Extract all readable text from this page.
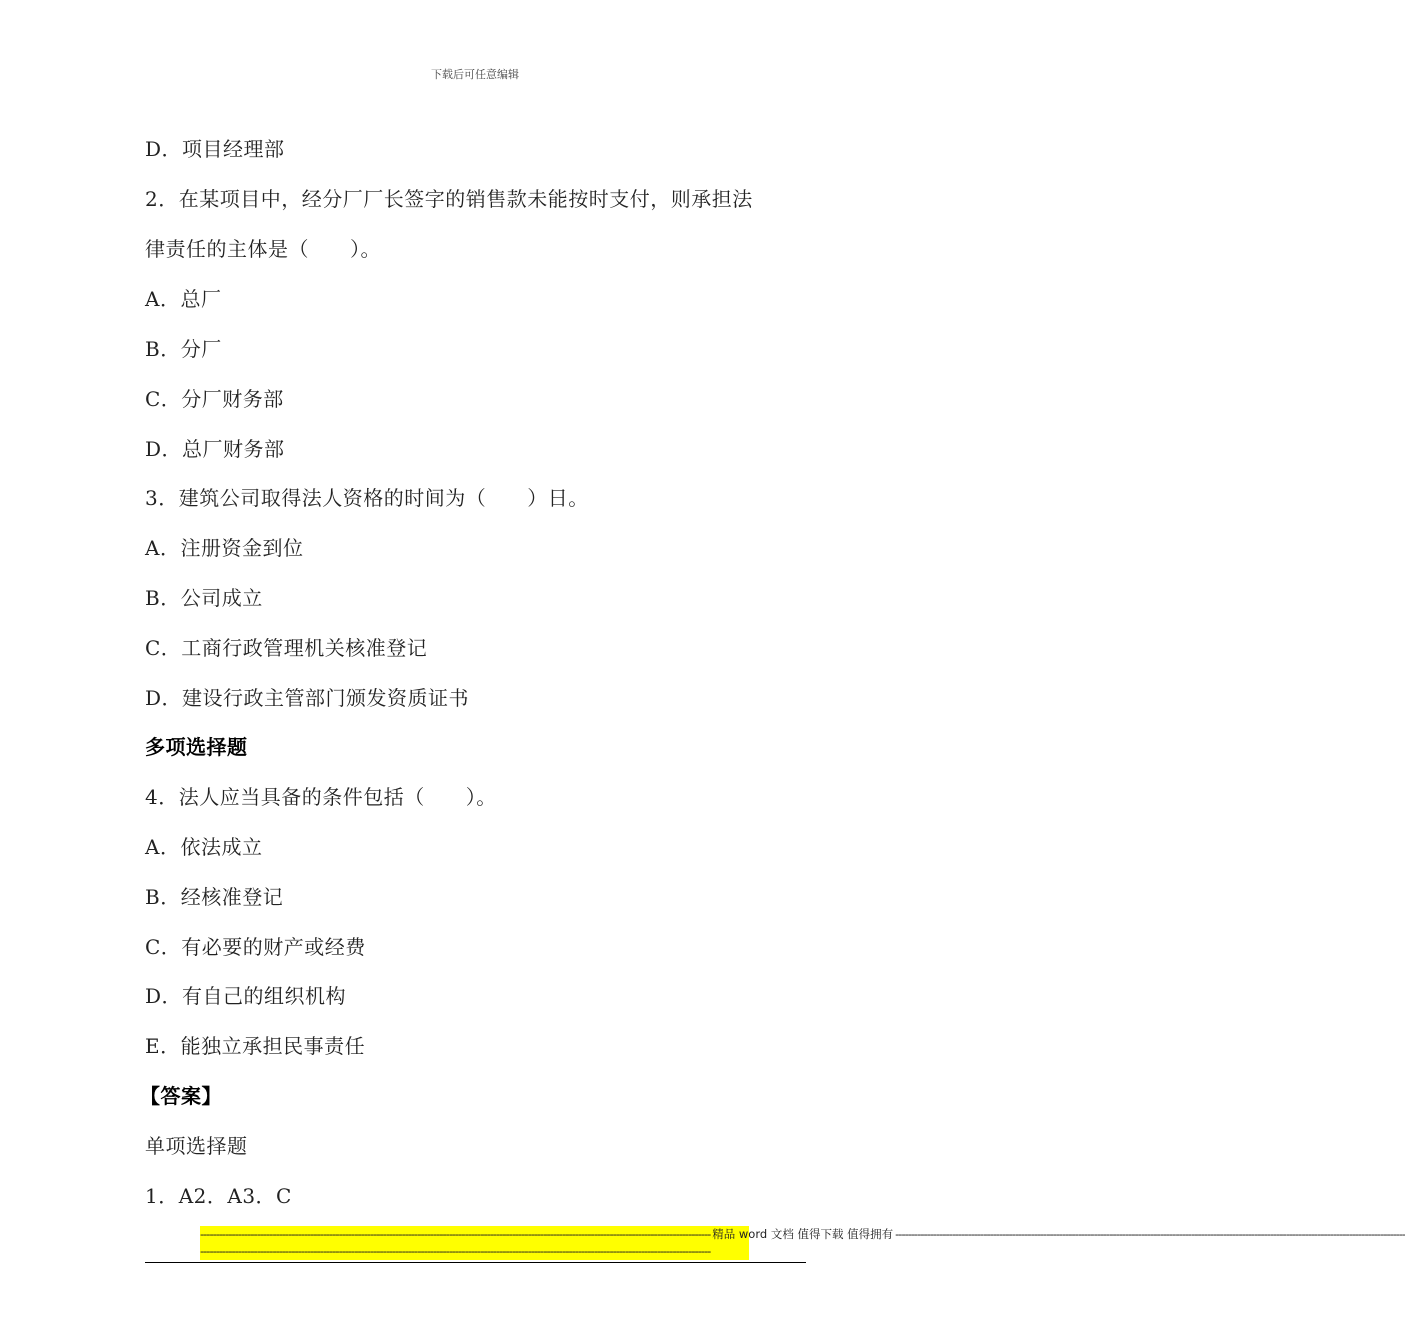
下载后可任意编辑
D．项目经理部
2．在某项目中，经分厂厂长签字的销售款未能按时支付，则承担法
律责任的主体是（　　）。
A．总厂
B．分厂
C．分厂财务部
D．总厂财务部
3．建筑公司取得法人资格的时间为（　　）日。
A．注册资金到位
B．公司成立
C．工商行政管理机关核准登记
D．建设行政主管部门颁发资质证书
多项选择题
4．法人应当具备的条件包括（　　）。
A．依法成立
B．经核准登记
C．有必要的财产或经费
D．有自己的组织机构
E．能独立承担民事责任
【答案】
单项选择题
1．A2．A3．C
------------------------------------------------------------------------------------------------------------------------------------------------------------------ 精品 word 文档 值得下载 值得拥有 ------------------------------------------------------------------------------------------------------------------------------------------------------------------
------------------------------------------------------------------------------------------------------------------------------------------------------------------
